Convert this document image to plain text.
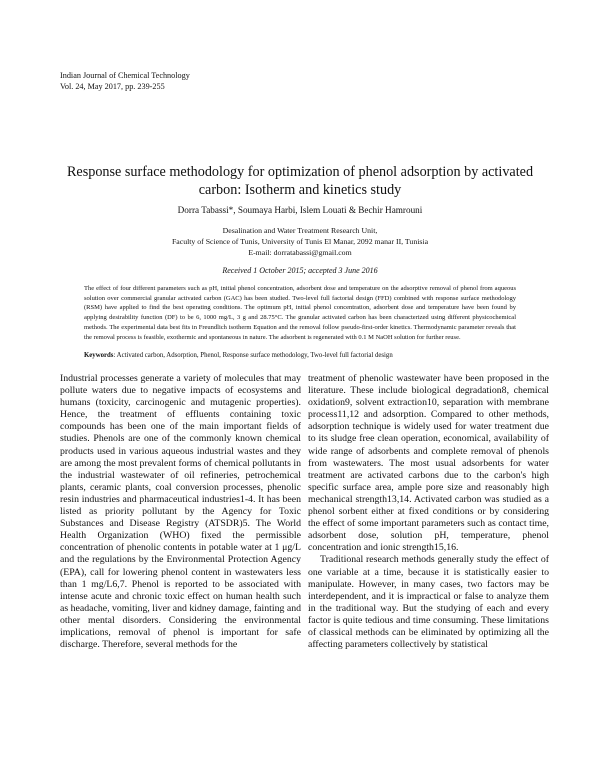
Indian Journal of Chemical Technology
Vol. 24, May 2017, pp. 239-255
Response surface methodology for optimization of phenol adsorption by activated
carbon: Isotherm and kinetics study
Dorra Tabassi*, Soumaya Harbi, Islem Louati & Bechir Hamrouni
Desalination and Water Treatment Research Unit,
Faculty of Science of Tunis, University of Tunis El Manar, 2092 manar II, Tunisia
E-mail: dorratabassi@gmail.com
Received 1 October 2015; accepted 3 June 2016
The effect of four different parameters such as pH, initial phenol concentration, adsorbent dose and temperature on the adsorptive removal of phenol from aqueous solution over commercial granular activated carbon (GAC) has been studied. Two-level full factorial design (FFD) combined with response surface methodology (RSM) have applied to find the best operating conditions. The optimum pH, initial phenol concentration, adsorbent dose and temperature have been found by applying desirability function (DF) to be 6, 1000 mg/L, 3 g and 28.75°C. The granular activated carbon has been characterized using different physicochemical methods. The experimental data best fits in Freundlich isotherm Equation and the removal follow pseudo-first-order kinetics. Thermodynamic parameter reveals that the removal process is feasible, exothermic and spontaneous in nature. The adsorbent is regenerated with 0.1 M NaOH solution for further reuse.
Keywords: Activated carbon, Adsorption, Phenol, Response surface methodology, Two-level full factorial design

Industrial processes generate a variety of molecules that may pollute waters due to negative impacts of ecosystems and humans (toxicity, carcinogenic and mutagenic properties). Hence, the treatment of effluents containing toxic compounds has been one of the main important fields of studies. Phenols are one of the commonly known chemical products used in various aqueous industrial wastes and they are among the most prevalent forms of chemical pollutants in the industrial wastewater of oil refineries, petrochemical plants, ceramic plants, coal conversion processes, phenolic resin industries and pharmaceutical industries1-4. It has been listed as priority pollutant by the Agency for Toxic Substances and Disease Registry (ATSDR)5. The World Health Organization (WHO) fixed the permissible concentration of phenolic contents in potable water at 1 μg/L and the regulations by the Environmental Protection Agency (EPA), call for lowering phenol content in wastewaters less than 1 mg/L6,7. Phenol is reported to be associated with intense acute and chronic toxic effect on human health such as headache, vomiting, liver and kidney damage, fainting and other mental disorders. Considering the environmental implications, removal of phenol is important for safe discharge. Therefore, several methods for the

treatment of phenolic wastewater have been proposed in the literature. These include biological degradation8, chemical oxidation9, solvent extraction10, separation with membrane process11,12 and adsorption. Compared to other methods, adsorption technique is widely used for water treatment due to its sludge free clean operation, economical, availability of wide range of adsorbents and complete removal of phenols from wastewaters. The most usual adsorbents for water treatment are activated carbons due to the carbon's high specific surface area, ample pore size and reasonably high mechanical strength13,14. Activated carbon was studied as a phenol sorbent either at fixed conditions or by considering the effect of some important parameters such as contact time, adsorbent dose, solution pH, temperature, phenol concentration and ionic strength15,16.

Traditional research methods generally study the effect of one variable at a time, because it is statistically easier to manipulate. However, in many cases, two factors may be interdependent, and it is impractical or false to analyze them in the traditional way. But the studying of each and every factor is quite tedious and time consuming. These limitations of classical methods can be eliminated by optimizing all the affecting parameters collectively by statistical
